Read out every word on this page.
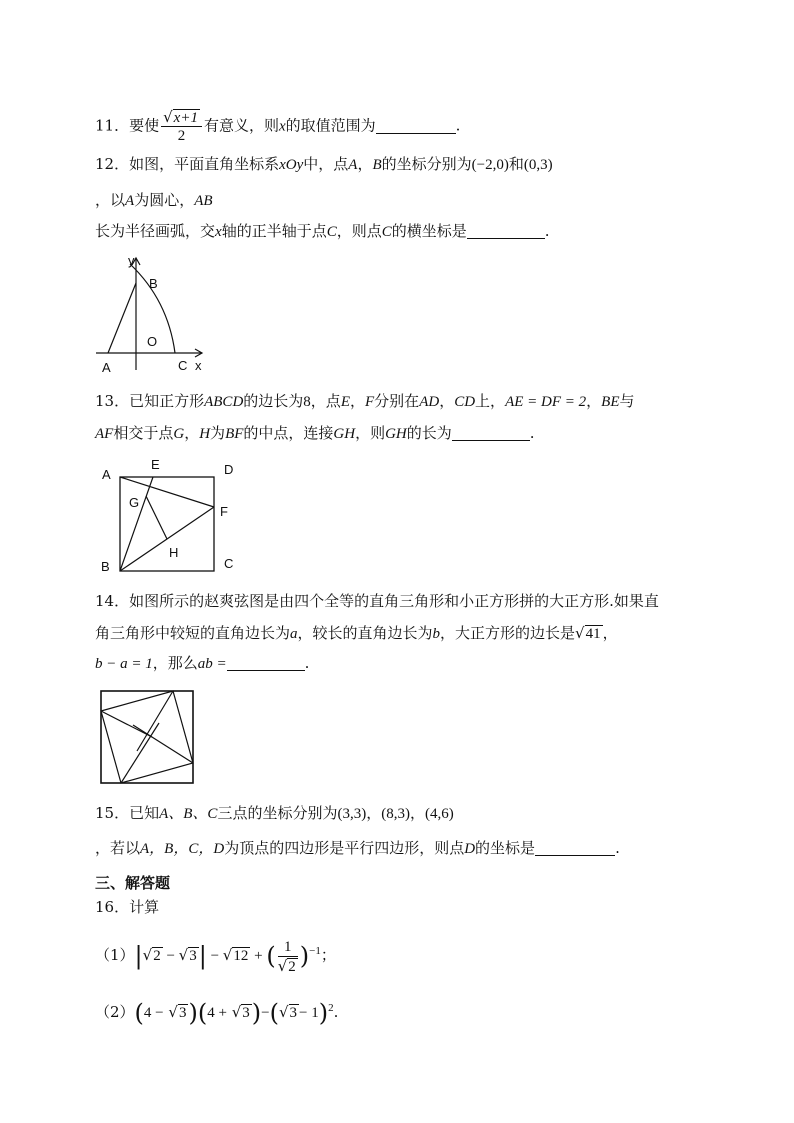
11．要使 $\frac{√x+1}{2}$ 有意义，则x的取值范围为	.
12．如图，平面直角坐标系xOy中，点A，B的坐标分别为(−2,0)和(0,3)
，以A为圆心，AB
长为半径画弧，交x轴的正半轴于点C，则点C的横坐标是	.
y
B
O
A	C x
13．已知正方形ABCD的边长为8，点E，F分别在AD，CD上，AE = DF = 2，BE与
AF相交于点G，H为BF的中点，连接GH，则GH的长为	.
A
E	D
G
F
H
B	C
14．如图所示的赵爽弦图是由四个全等的直角三角形和小正方形拼的大正方形.如果直
角三角形中较短的直角边长为a，较长的直角边长为b，大正方形的边长是√41 ，
b − a = 1，那么ab =	.
15．已知A、B、C三点的坐标分别为(3,3)，(8,3)，(4,6)
，若以A，B，C，D为顶点的四边形是平行四边形，则点D的坐标是	.
三、解答题
16．计算
（1）|√2 − √3| − √12 + ( $\frac{1}{√2} )^{-1}$；
$(2)(4 - √3)(4 + √3)-(√3 - 1)^2$.
